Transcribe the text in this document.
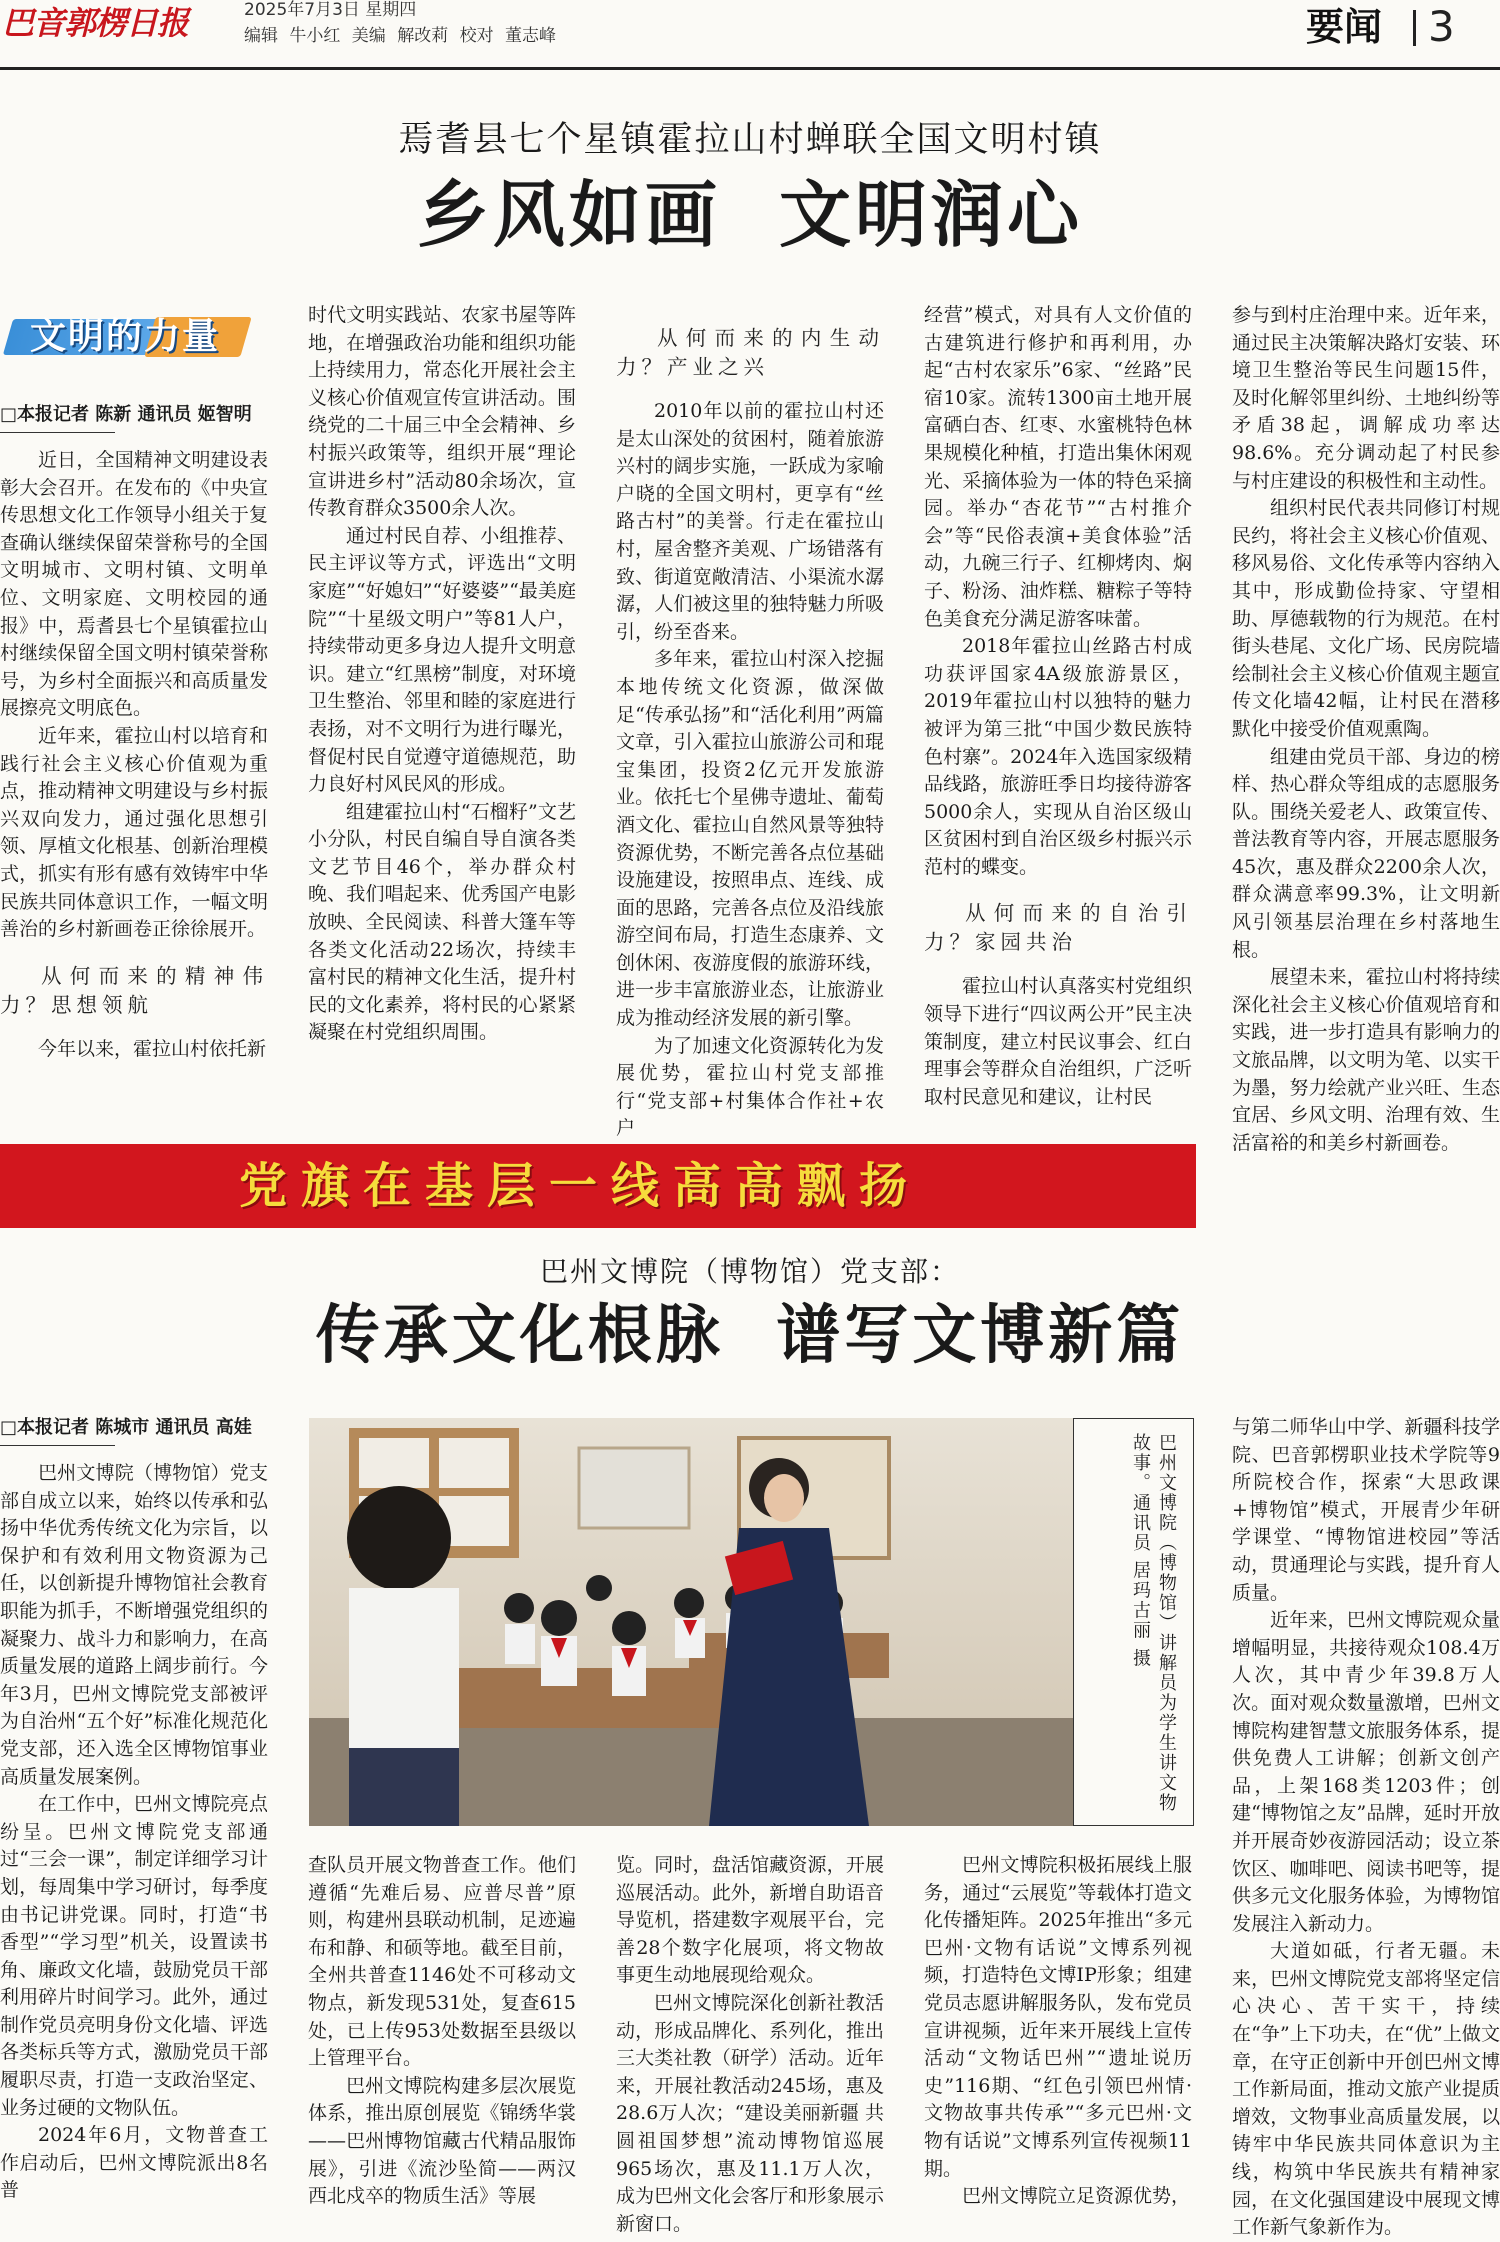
巴音郭楞日报	2025年7月3日 星期四
编辑 牛小红 美编 解改莉 校对 董志峰	要闻 3
焉耆县七个星镇霍拉山村蝉联全国文明村镇
乡风如画  文明润心
文明的力量
□本报记者 陈新 通讯员 姬智明

近日，全国精神文明建设表彰大会召开。在发布的《中央宣传思想文化工作领导小组关于复查确认继续保留荣誉称号的全国文明城市、文明村镇、文明单位、文明家庭、文明校园的通报》中，焉耆县七个星镇霍拉山村继续保留全国文明村镇荣誉称号，为乡村全面振兴和高质量发展擦亮文明底色。

近年来，霍拉山村以培育和践行社会主义核心价值观为重点，推动精神文明建设与乡村振兴双向发力，通过强化思想引领、厚植文化根基、创新治理模式，抓实有形有感有效铸牢中华民族共同体意识工作，一幅文明善治的乡村新画卷正徐徐展开。

从何而来的精神伟力？思想领航

今年以来，霍拉山村依托新

时代文明实践站、农家书屋等阵地，在增强政治功能和组织功能上持续用力，常态化开展社会主义核心价值观宣传宣讲活动。围绕党的二十届三中全会精神、乡村振兴政策等，组织开展“理论宣讲进乡村”活动80余场次，宣传教育群众3500余人次。

通过村民自荐、小组推荐、民主评议等方式，评选出“文明家庭”“好媳妇”“好婆婆”“最美庭院”“十星级文明户”等81人户，持续带动更多身边人提升文明意识。建立“红黑榜”制度，对环境卫生整治、邻里和睦的家庭进行表扬，对不文明行为进行曝光，督促村民自觉遵守道德规范，助力良好村风民风的形成。

组建霍拉山村“石榴籽”文艺小分队，村民自编自导自演各类文艺节目46个，举办群众村晚、我们唱起来、优秀国产电影放映、全民阅读、科普大篷车等各类文化活动22场次，持续丰富村民的精神文化生活，提升村民的文化素养，将村民的心紧紧凝聚在村党组织周围。

从何而来的内生动力？产业之兴

2010年以前的霍拉山村还是太山深处的贫困村，随着旅游兴村的阔步实施，一跃成为家喻户晓的全国文明村，更享有“丝路古村”的美誉。行走在霍拉山村，屋舍整齐美观、广场错落有致、街道宽敞清洁、小渠流水潺潺，人们被这里的独特魅力所吸引，纷至沓来。

多年来，霍拉山村深入挖掘本地传统文化资源，做深做足“传承弘扬”和“活化利用”两篇文章，引入霍拉山旅游公司和琨宝集团，投资2亿元开发旅游业。依托七个星佛寺遗址、葡萄酒文化、霍拉山自然风景等独特资源优势，不断完善各点位基础设施建设，按照串点、连线、成面的思路，完善各点位及沿线旅游空间布局，打造生态康养、文创休闲、夜游度假的旅游环线，进一步丰富旅游业态，让旅游业成为推动经济发展的新引擎。

为了加速文化资源转化为发展优势，霍拉山村党支部推行“党支部+村集体合作社+农户

经营”模式，对具有人文价值的古建筑进行修护和再利用，办起“古村农家乐”6家、“丝路”民宿10家。流转1300亩土地开展富硒白杏、红枣、水蜜桃特色林果规模化种植，打造出集休闲观光、采摘体验为一体的特色采摘园。举办“杏花节”“古村推介会”等“民俗表演+美食体验”活动，九碗三行子、红柳烤肉、焖子、粉汤、油炸糕、糖粽子等特色美食充分满足游客味蕾。

2018年霍拉山丝路古村成功获评国家4A级旅游景区，2019年霍拉山村以独特的魅力被评为第三批“中国少数民族特色村寨”。2024年入选国家级精品线路，旅游旺季日均接待游客5000余人，实现从自治区级山区贫困村到自治区级乡村振兴示范村的蝶变。

从何而来的自治引力？家园共治

霍拉山村认真落实村党组织领导下进行“四议两公开”民主决策制度，建立村民议事会、红白理事会等群众自治组织，广泛听取村民意见和建议，让村民

参与到村庄治理中来。近年来，通过民主决策解决路灯安装、环境卫生整治等民生问题15件，及时化解邻里纠纷、土地纠纷等矛盾38起，调解成功率达98.6%。充分调动起了村民参与村庄建设的积极性和主动性。

组织村民代表共同修订村规民约，将社会主义核心价值观、移风易俗、文化传承等内容纳入其中，形成勤俭持家、守望相助、厚德载物的行为规范。在村街头巷尾、文化广场、民房院墙绘制社会主义核心价值观主题宣传文化墙42幅，让村民在潜移默化中接受价值观熏陶。

组建由党员干部、身边的榜样、热心群众等组成的志愿服务队。围绕关爱老人、政策宣传、普法教育等内容，开展志愿服务45次，惠及群众2200余人次，群众满意率99.3%，让文明新风引领基层治理在乡村落地生根。

展望未来，霍拉山村将持续深化社会主义核心价值观培育和实践，进一步打造具有影响力的文旅品牌，以文明为笔、以实干为墨，努力绘就产业兴旺、生态宜居、乡风文明、治理有效、生活富裕的和美乡村新画卷。

党旗在基层一线高高飘扬
巴州文博院（博物馆）党支部：
传承文化根脉  谱写文博新篇
□本报记者 陈城市 通讯员 高娃

巴州文博院（博物馆）党支部自成立以来，始终以传承和弘扬中华优秀传统文化为宗旨，以保护和有效利用文物资源为己任，以创新提升博物馆社会教育职能为抓手，不断增强党组织的凝聚力、战斗力和影响力，在高质量发展的道路上阔步前行。今年3月，巴州文博院党支部被评为自治州“五个好”标准化规范化党支部，还入选全区博物馆事业高质量发展案例。

在工作中，巴州文博院亮点纷呈。巴州文博院党支部通过“三会一课”，制定详细学习计划，每周集中学习研讨，每季度由书记讲党课。同时，打造“书香型”“学习型”机关，设置读书角、廉政文化墙，鼓励党员干部利用碎片时间学习。此外，通过制作党员亮明身份文化墙、评选各类标兵等方式，激励党员干部履职尽责，打造一支政治坚定、业务过硬的文物队伍。

2024年6月，文物普查工作启动后，巴州文博院派出8名普

巴州文博院（博物馆）讲解员为学生讲文物故事。通讯员 居玛古丽 摄

查队员开展文物普查工作。他们遵循“先难后易、应普尽普”原则，构建州县联动机制，足迹遍布和静、和硕等地。截至目前，全州共普查1146处不可移动文物点，新发现531处，复查615处，已上传953处数据至县级以上管理平台。

巴州文博院构建多层次展览体系，推出原创展览《锦绣华裳——巴州博物馆藏古代精品服饰展》，引进《流沙坠简——两汉西北戍卒的物质生活》等展

览。同时，盘活馆藏资源，开展巡展活动。此外，新增自助语音导览机，搭建数字观展平台，完善28个数字化展项，将文物故事更生动地展现给观众。

巴州文博院深化创新社教活动，形成品牌化、系列化，推出三大类社教（研学）活动。近年来，开展社教活动245场，惠及28.6万人次；“建设美丽新疆 共圆祖国梦想”流动博物馆巡展965场次，惠及11.1万人次，成为巴州文化会客厅和形象展示新窗口。

巴州文博院积极拓展线上服务，通过“云展览”等载体打造文化传播矩阵。2025年推出“多元巴州·文物有话说”文博系列视频，打造特色文博IP形象；组建党员志愿讲解服务队，发布党员宣讲视频，近年来开展线上宣传活动“文物话巴州”“遗址说历史”116期、“红色引领巴州情·文物故事共传承”“多元巴州·文物有话说”文博系列宣传视频11期。

巴州文博院立足资源优势，

与第二师华山中学、新疆科技学院、巴音郭楞职业技术学院等9所院校合作，探索“大思政课+博物馆”模式，开展青少年研学课堂、“博物馆进校园”等活动，贯通理论与实践，提升育人质量。

近年来，巴州文博院观众量增幅明显，共接待观众108.4万人次，其中青少年39.8万人次。面对观众数量激增，巴州文博院构建智慧文旅服务体系，提供免费人工讲解；创新文创产品，上架168类1203件；创建“博物馆之友”品牌，延时开放并开展奇妙夜游园活动；设立茶饮区、咖啡吧、阅读书吧等，提供多元文化服务体验，为博物馆发展注入新动力。

大道如砥，行者无疆。未来，巴州文博院党支部将坚定信心决心、苦干实干，持续在“争”上下功夫，在“优”上做文章，在守正创新中开创巴州文博工作新局面，推动文旅产业提质增效，文物事业高质量发展，以铸牢中华民族共同体意识为主线，构筑中华民族共有精神家园，在文化强国建设中展现文博工作新气象新作为。
